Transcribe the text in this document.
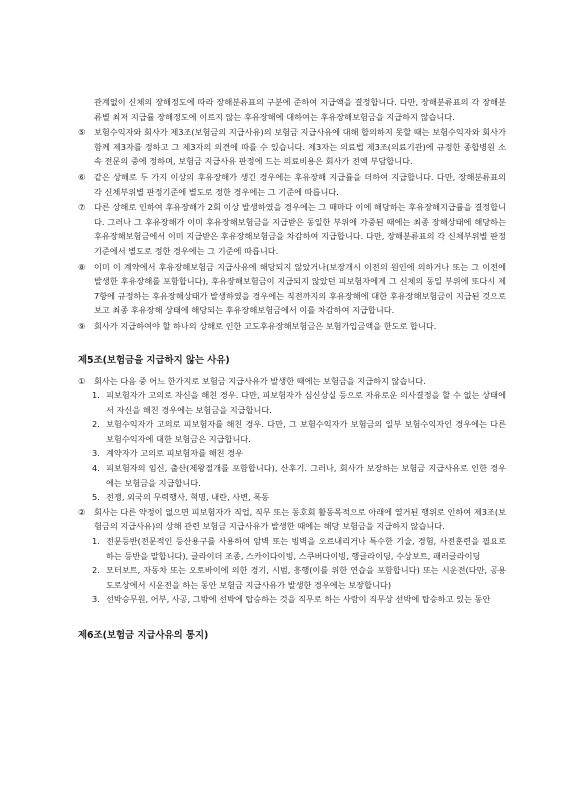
관계없이 신체의 장해정도에 따라 장해분류표의 구분에 준하여 지급액을 결정합니다. 다만, 장해분류표의 각 장해분류별 최저 지급률 장해정도에 이르지 않는 후유장해에 대하여는 후유장해보험금을 지급하지 않습니다.

⑤	보험수익자와 회사가 제3조(보험금의 지급사유)의 보험금 지급사유에 대해 합의하지 못할 때는 보험수익자와 회사가 함께 제3자를 정하고 그 제3자의 의견에 따를 수 있습니다. 제3자는 의료법 제3조(의료기관)에 규정한 종합병원 소속 전문의 중에 정하며, 보험금 지급사유 판정에 드는 의료비용은 회사가 전액 부담합니다.
⑥	같은 상해로 두 가지 이상의 후유장해가 생긴 경우에는 후유장해 지급률을 더하여 지급합니다. 다만, 장해분류표의 각 신체부위별 판정기준에 별도로 정한 경우에는 그 기준에 따릅니다.
⑦	다른 상해로 인하여 후유장해가 2회 이상 발생하였을 경우에는 그 때마다 이에 해당하는 후유장해지급률을 결정합니다. 그러나 그 후유장해가 이미 후유장해보험금을 지급받은 동일한 부위에 가중된 때에는 최종 장해상태에 해당하는 후유장해보험금에서 이미 지급받은 후유장해보험금을 차감하여 지급합니다. 다만, 장해분류표의 각 신체부위별 판정기준에서 별도로 정한 경우에는 그 기준에 따릅니다.
⑧	이미 이 계약에서 후유장해보험금 지급사유에 해당되지 않았거나(보장개시 이전의 원인에 의하거나 또는 그 이전에 발생한 후유장해를 포함합니다), 후유장해보험금이 지급되지 않았던 피보험자에게 그 신체의 동일 부위에 또다시 제7항에 규정하는 후유장해상태가 발생하였을 경우에는 직전까지의 후유장해에 대한 후유장해보험금이 지급된 것으로 보고 최종 후유장해 상태에 해당되는 후유장해보험금에서 이를 차감하여 지급합니다.
⑨	회사가 지급하여야 할 하나의 상해로 인한 고도후유장해보험금은 보험가입금액을 한도로 합니다.
제5조(보험금을 지급하지 않는 사유)
①	회사는 다음 중 어느 한가지로 보험금 지급사유가 발생한 때에는 보험금을 지급하지 않습니다.
1. 피보험자가 고의로 자신을 해친 경우. 다만, 피보험자가 심신상실 등으로 자유로운 의사결정을 할 수 없는 상태에서 자신을 해친 경우에는 보험금을 지급합니다.
2. 보험수익자가 고의로 피보험자를 해친 경우. 다만, 그 보험수익자가 보험금의 일부 보험수익자인 경우에는 다른 보험수익자에 대한 보험금은 지급합니다.
3. 계약자가 고의로 피보험자를 해친 경우
4. 피보험자의 임신, 출산(제왕절개를 포함합니다), 산후기. 그러나, 회사가 보장하는 보험금 지급사유로 인한 경우에는 보험금을 지급합니다.
5. 전쟁, 외국의 무력행사, 혁명, 내란, 사변, 폭동
②	회사는 다른 약정이 없으면 피보험자가 직업, 직무 또는 동호회 활동목적으로 아래에 열거된 행위로 인하여 제3조(보험금의 지급사유)의 상해 관련 보험금 지급사유가 발생한 때에는 해당 보험금을 지급하지 않습니다.
1. 전문등반(전문적인 등산용구를 사용하여 암벽 또는 빙벽을 오르내리거나 특수한 기술, 경험, 사전훈련을 필요로 하는 등반을 말합니다), 글라이더 조종, 스카이다이빙, 스쿠버다이빙, 행글라이딩, 수상보트, 패러글라이딩
2. 모터보트, 자동차 또는 오토바이에 의한 경기, 시범, 흥행(이를 위한 연습을 포함합니다) 또는 시운전(다만, 공용도로상에서 시운전을 하는 동안 보험금 지급사유가 발생한 경우에는 보장합니다)
3. 선박승무원, 어부, 사공, 그밖에 선박에 탑승하는 것을 직무로 하는 사람이 직무상 선박에 탑승하고 있는 동안
제6조(보험금 지급사유의 통지)
